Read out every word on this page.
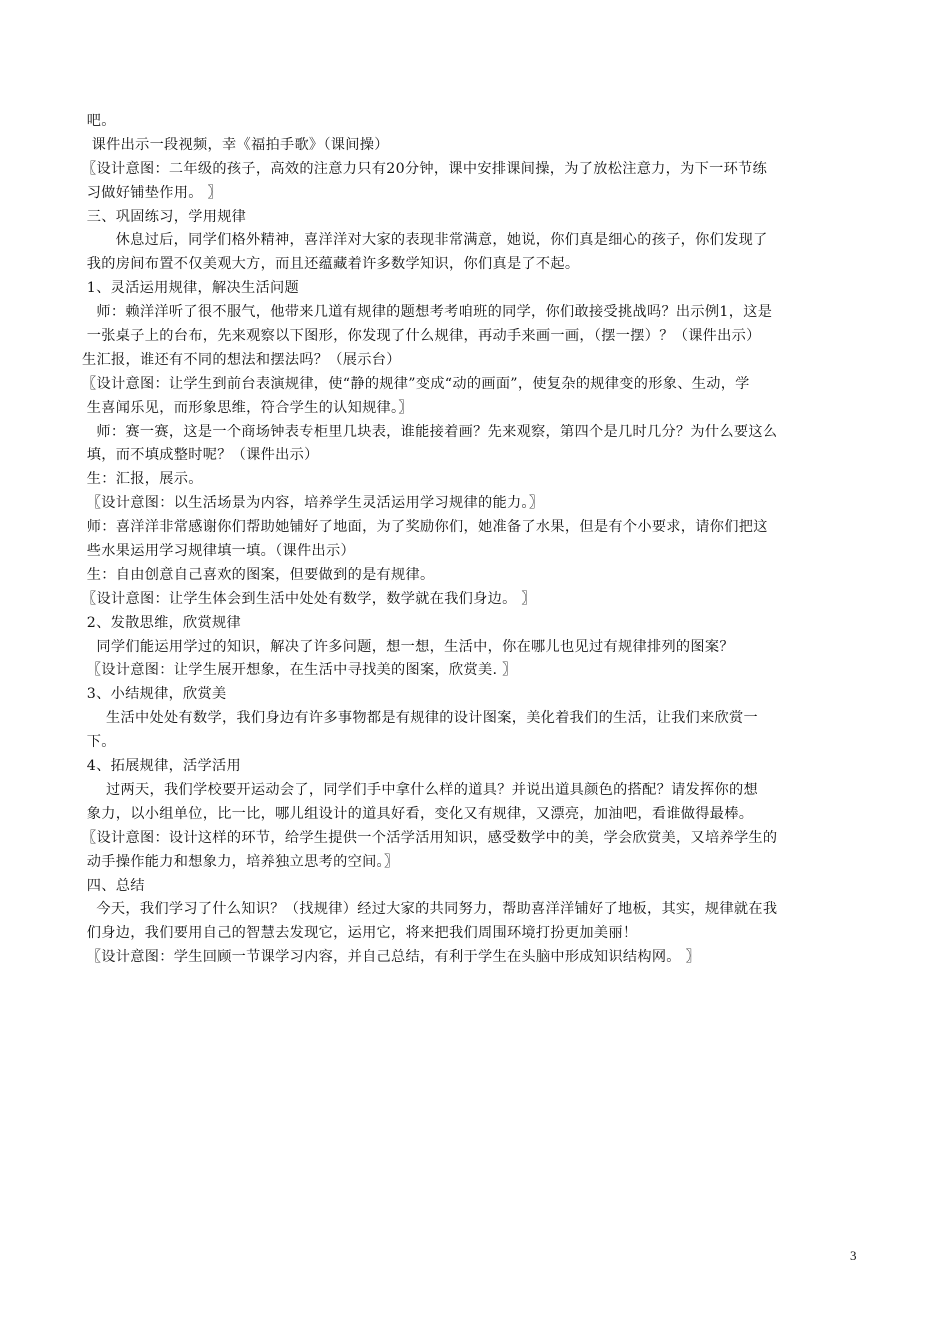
吧。
课件出示一段视频，幸《福拍手歌》（课间操）
〖设计意图：二年级的孩子，高效的注意力只有20分钟，课中安排课间操，为了放松注意力，为下一环节练
习做好铺垫作用。 〗
三、巩固练习，学用规律
休息过后，同学们格外精神，喜洋洋对大家的表现非常满意，她说，你们真是细心的孩子，你们发现了
我的房间布置不仅美观大方，而且还蕴藏着许多数学知识，你们真是了不起。
1、灵活运用规律，解决生活问题
师：赖洋洋听了很不服气，他带来几道有规律的题想考考咱班的同学，你们敢接受挑战吗？出示例1，这是
一张桌子上的台布，先来观察以下图形，你发现了什么规律，再动手来画一画，（摆一摆）？（课件出示）
生汇报，谁还有不同的想法和摆法吗？（展示台）
〖设计意图：让学生到前台表演规律，使“静的规律”变成“动的画面”，使复杂的规律变的形象、生动，学
生喜闻乐见，而形象思维，符合学生的认知规律。〗
师：赛一赛，这是一个商场钟表专柜里几块表，谁能接着画？先来观察，第四个是几时几分？为什么要这么
填，而不填成整时呢？（课件出示）
生：汇报，展示。
〖设计意图：以生活场景为内容，培养学生灵活运用学习规律的能力。〗
师：喜洋洋非常感谢你们帮助她铺好了地面，为了奖励你们，她准备了水果，但是有个小要求，请你们把这
些水果运用学习规律填一填。（课件出示）
生：自由创意自己喜欢的图案，但要做到的是有规律。
〖设计意图：让学生体会到生活中处处有数学，数学就在我们身边。 〗
2、发散思维，欣赏规律
同学们能运用学过的知识，解决了许多问题，想一想，生活中，你在哪儿也见过有规律排列的图案？
〖设计意图：让学生展开想象，在生活中寻找美的图案，欣赏美. 〗
3、小结规律，欣赏美
生活中处处有数学，我们身边有许多事物都是有规律的设计图案，美化着我们的生活，让我们来欣赏一
下。
4、拓展规律，活学活用
过两天，我们学校要开运动会了，同学们手中拿什么样的道具？并说出道具颜色的搭配？请发挥你的想
象力，以小组单位，比一比，哪儿组设计的道具好看，变化又有规律，又漂亮，加油吧，看谁做得最棒。
〖设计意图：设计这样的环节，给学生提供一个活学活用知识，感受数学中的美，学会欣赏美，又培养学生的
动手操作能力和想象力，培养独立思考的空间。〗
四、总结
今天，我们学习了什么知识？（找规律）经过大家的共同努力，帮助喜洋洋铺好了地板，其实，规律就在我
们身边，我们要用自己的智慧去发现它，运用它，将来把我们周围环境打扮更加美丽！
〖设计意图：学生回顾一节课学习内容，并自己总结，有利于学生在头脑中形成知识结构网。 〗
3
